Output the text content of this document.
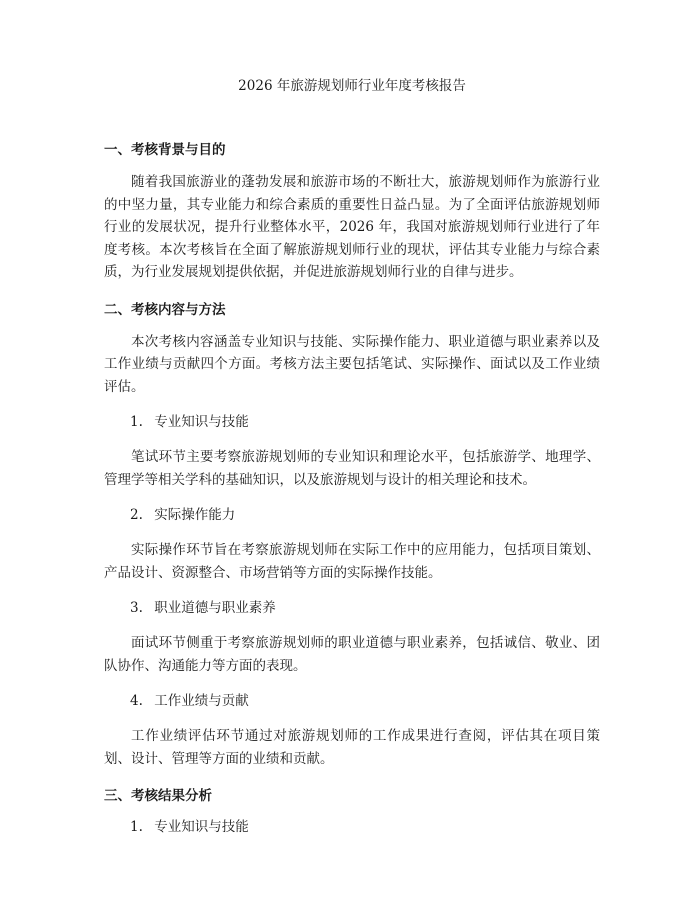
2026 年旅游规划师行业年度考核报告
一、考核背景与目的

随着我国旅游业的蓬勃发展和旅游市场的不断壮大，旅游规划师作为旅游行业的中坚力量，其专业能力和综合素质的重要性日益凸显。为了全面评估旅游规划师行业的发展状况，提升行业整体水平，2026 年，我国对旅游规划师行业进行了年度考核。本次考核旨在全面了解旅游规划师行业的现状，评估其专业能力与综合素质，为行业发展规划提供依据，并促进旅游规划师行业的自律与进步。

二、考核内容与方法

本次考核内容涵盖专业知识与技能、实际操作能力、职业道德与职业素养以及工作业绩与贡献四个方面。考核方法主要包括笔试、实际操作、面试以及工作业绩评估。

1. 专业知识与技能

笔试环节主要考察旅游规划师的专业知识和理论水平，包括旅游学、地理学、管理学等相关学科的基础知识，以及旅游规划与设计的相关理论和技术。

2. 实际操作能力

实际操作环节旨在考察旅游规划师在实际工作中的应用能力，包括项目策划、产品设计、资源整合、市场营销等方面的实际操作技能。

3. 职业道德与职业素养

面试环节侧重于考察旅游规划师的职业道德与职业素养，包括诚信、敬业、团队协作、沟通能力等方面的表现。

4. 工作业绩与贡献

工作业绩评估环节通过对旅游规划师的工作成果进行查阅，评估其在项目策划、设计、管理等方面的业绩和贡献。

三、考核结果分析
1. 专业知识与技能
